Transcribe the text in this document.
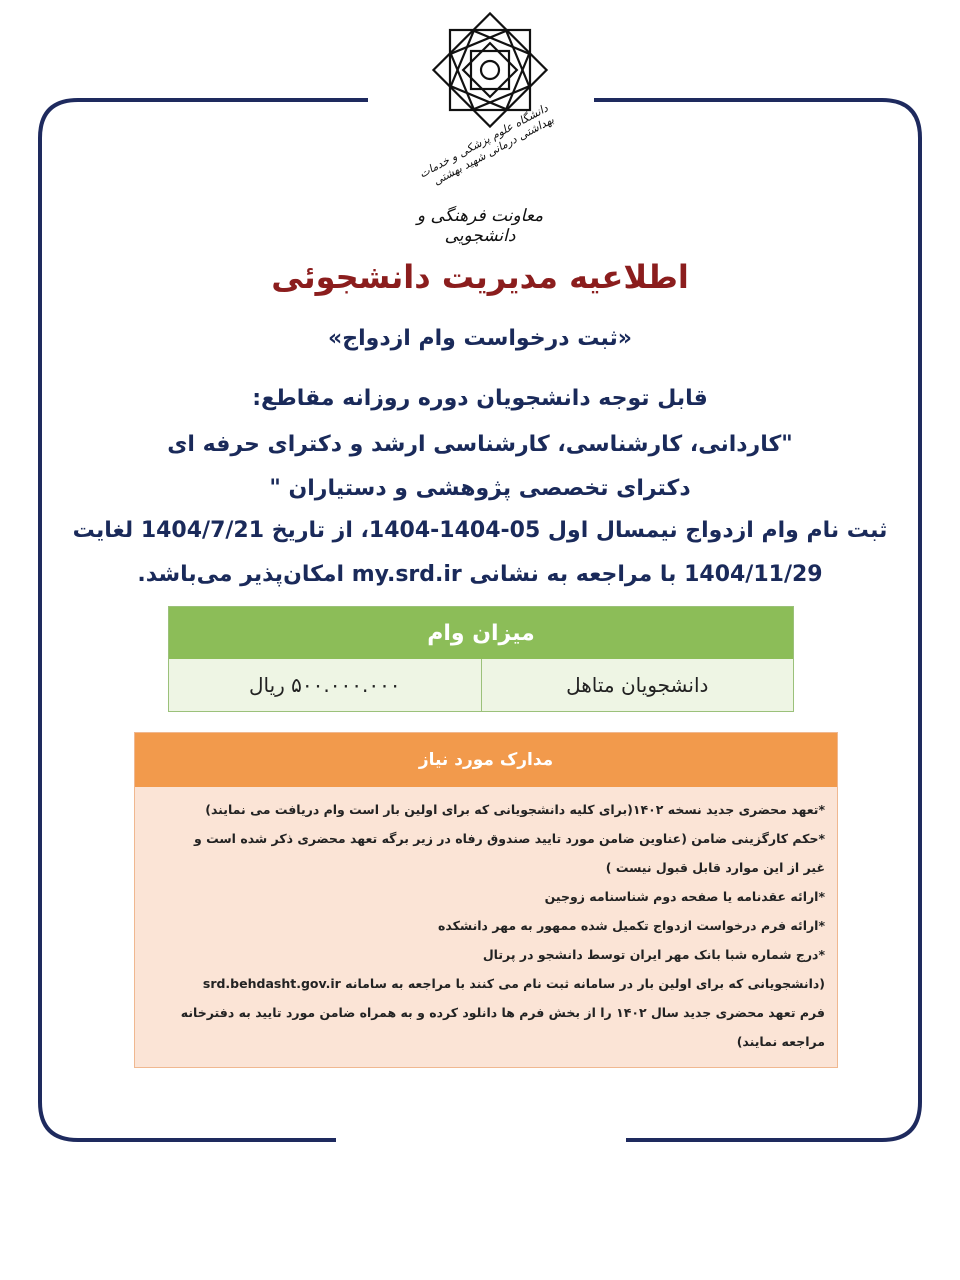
دانشگاه علوم پزشکی و خدمات بهداشتی درمانی شهید بهشتی
معاونت فرهنگی و دانشجویی
اطلاعیه مدیریت دانشجوئی
«ثبت درخواست وام ازدواج»
قابل توجه دانشجویان دوره روزانه مقاطع:
"کاردانی، کارشناسی، کارشناسی ارشد و دکترای حرفه ای
دکترای تخصصی پژوهشی و دستیاران "
ثبت نام وام ازدواج نیمسال اول 05-1404-1404، از تاریخ 1404/7/21 لغایت
1404/11/29 با مراجعه به نشانی my.srd.ir امکان‌پذیر می‌باشد.
میزان وام
دانشجویان متاهل
۵۰۰.۰۰۰.۰۰۰ ریال
مدارک مورد نیاز
*تعهد محضری جدید نسخه ۱۴۰۲(برای کلیه دانشجویانی که برای اولین بار است وام دریافت می نمایند)
*حکم کارگزینی ضامن (عناوین ضامن مورد تایید صندوق رفاه در زیر برگه تعهد محضری ذکر شده است و
غیر از این موارد قابل قبول نیست )
*ارائه عقدنامه یا صفحه دوم شناسنامه زوجین
*ارائه فرم درخواست ازدواج تکمیل شده ممهور به مهر دانشکده
*درج شماره شبا بانک مهر ایران توسط دانشجو در پرتال
(دانشجویانی که برای اولین بار در سامانه ثبت نام می کنند با مراجعه به سامانه srd.behdasht.gov.ir
فرم تعهد محضری جدید سال ۱۴۰۲ را از بخش فرم ها دانلود کرده و به همراه ضامن مورد تایید به دفترخانه
مراجعه نمایند)
